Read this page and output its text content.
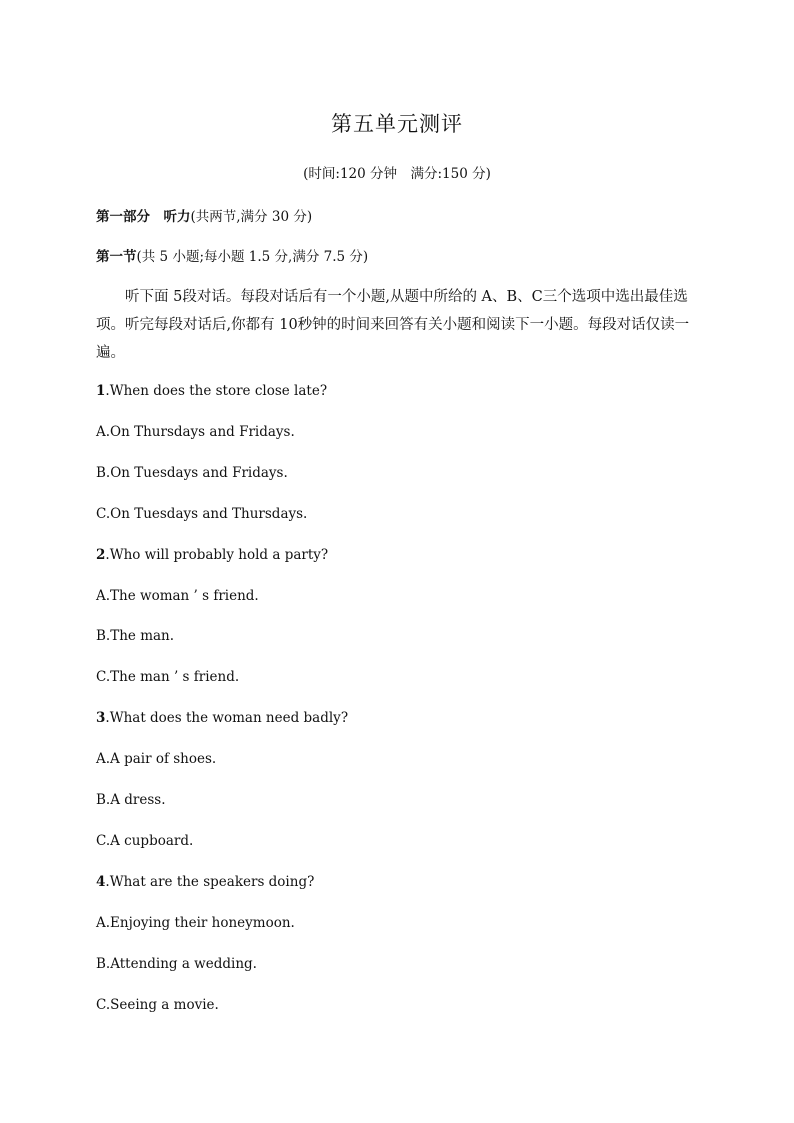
第五单元测评
(时间:120 分钟　满分:150 分)
第一部分　听力(共两节,满分 30 分)
第一节(共 5 小题;每小题 1.5 分,满分 7.5 分)

听下面 5段对话。每段对话后有一个小题,从题中所给的 A、B、C三个选项中选出最佳选项。听完每段对话后,你都有 10秒钟的时间来回答有关小题和阅读下一小题。每段对话仅读一遍。

1.When does the store close late?
A.On Thursdays and Fridays.
B.On Tuesdays and Fridays.
C.On Tuesdays and Thursdays.
2.Who will probably hold a party?
A.The woman ’ s friend.
B.The man.
C.The man ’ s friend.
3.What does the woman need badly?
A.A pair of shoes.
B.A dress.
C.A cupboard.
4.What are the speakers doing?
A.Enjoying their honeymoon.
B.Attending a wedding.
C.Seeing a movie.
